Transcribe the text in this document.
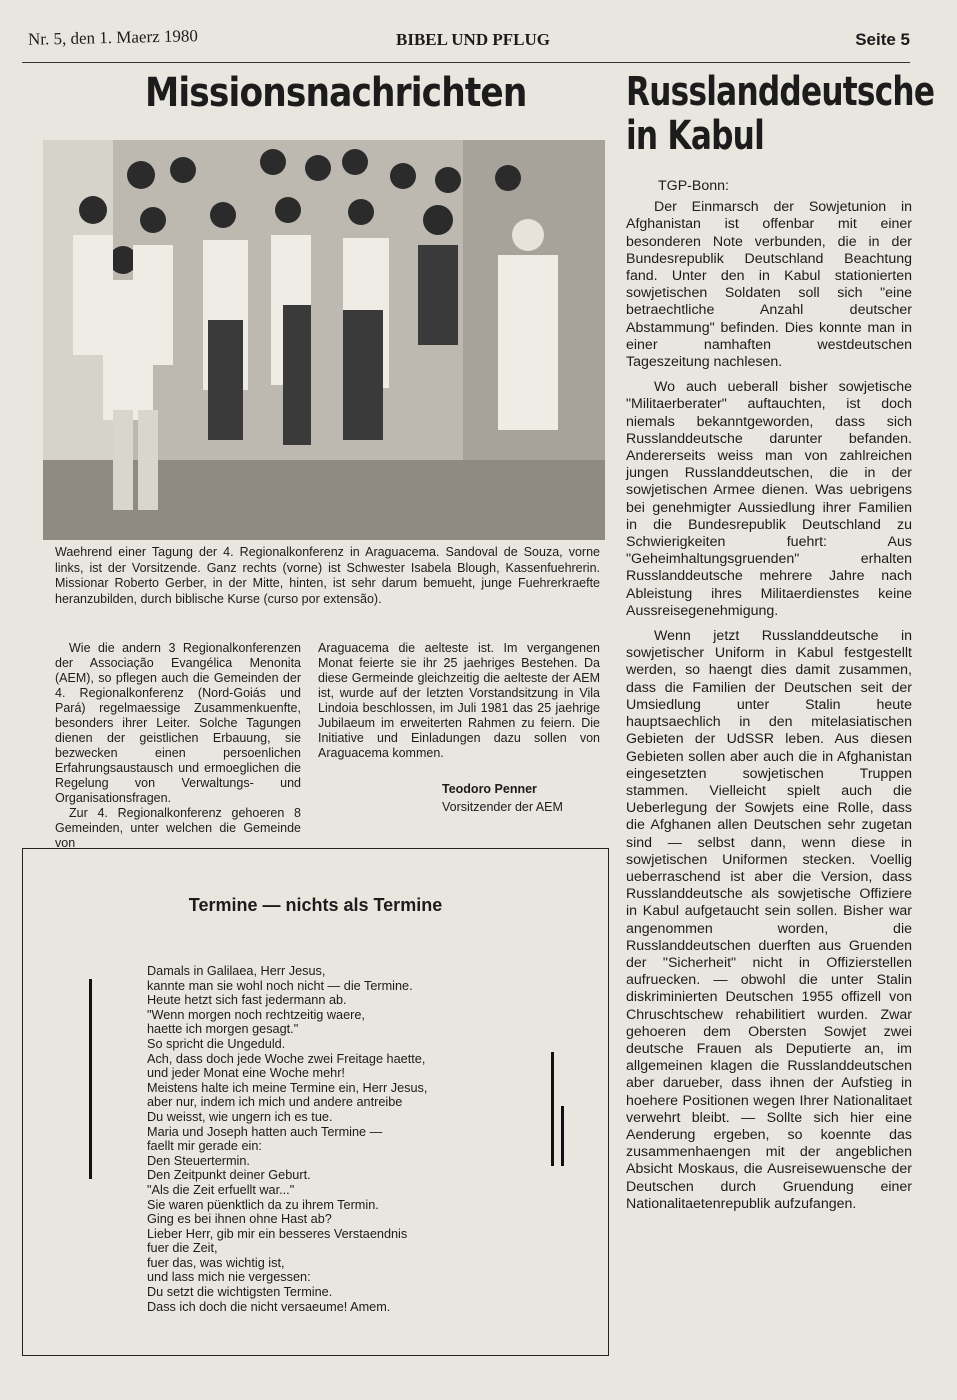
Nr. 5, den 1. Maerz 1980	BIBEL UND PFLUG	Seite 5
Missionsnachrichten
Waehrend einer Tagung der 4. Regionalkonferenz in Araguacema. Sandoval de Souza, vorne links, ist der Vorsitzende. Ganz rechts (vorne) ist Schwester Isabela Blough, Kassenfuehrerin. Missionar Roberto Gerber, in der Mitte, hinten, ist sehr darum bemueht, junge Fuehrerkraefte heranzubilden, durch biblische Kurse (curso por extensão).

Wie die andern 3 Regionalkonferenzen der Associação Evangélica Menonita (AEM), so pflegen auch die Gemeinden der 4. Regionalkonferenz (Nord-Goiás und Pará) regelmaessige Zusammenkuenfte, besonders ihrer Leiter. Solche Tagungen dienen der geistlichen Erbauung, sie bezwecken einen persoenlichen Erfahrungsaustausch und ermoeglichen die Regelung von Verwaltungs- und Organisationsfragen.

Zur 4. Regionalkonferenz gehoeren 8 Gemeinden, unter welchen die Gemeinde von

Araguacema die aelteste ist. Im vergangenen Monat feierte sie ihr 25 jaehriges Bestehen. Da diese Germeinde gleichzeitig die aelteste der AEM ist, wurde auf der letzten Vorstandsitzung in Vila Lindoia beschlossen, im Juli 1981 das 25 jaehrige Jubilaeum im erweiterten Rahmen zu feiern. Die Initiative und Einladungen dazu sollen von Araguacema kommen.

Teodoro Penner
Vorsitzender der AEM
Termine — nichts als Termine
Damals in Galilaea, Herr Jesus,
kannte man sie wohl noch nicht — die Termine.
Heute hetzt sich fast jedermann ab.
"Wenn morgen noch rechtzeitig waere,
haette ich morgen gesagt."
So spricht die Ungeduld.
Ach, dass doch jede Woche zwei Freitage haette,
und jeder Monat eine Woche mehr!
Meistens halte ich meine Termine ein, Herr Jesus,
aber nur, indem ich mich und andere antreibe
Du weisst, wie ungern ich es tue.
Maria und Joseph hatten auch Termine —
faellt mir gerade ein:
Den Steuertermin.
Den Zeitpunkt deiner Geburt.
"Als die Zeit erfuellt war..."
Sie waren püenktlich da zu ihrem Termin.
Ging es bei ihnen ohne Hast ab?
Lieber Herr, gib mir ein besseres Verstaendnis
fuer die Zeit,
fuer das, was wichtig ist,
und lass mich nie vergessen:
Du setzt die wichtigsten Termine.
Dass ich doch die nicht versaeume! Amem.
Russlanddeutsche
in Kabul
TGP-Bonn:

Der Einmarsch der Sowjetunion in Afghanistan ist offenbar mit einer besonderen Note verbunden, die in der Bundesrepublik Deutschland Beachtung fand. Unter den in Kabul stationierten sowjetischen Soldaten soll sich "eine betraechtliche Anzahl deutscher Abstammung" befinden. Dies konnte man in einer namhaften westdeutschen Tageszeitung nachlesen.

Wo auch ueberall bisher sowjetische "Militaerberater" auftauchten, ist doch niemals bekanntgeworden, dass sich Russlanddeutsche darunter befanden. Andererseits weiss man von zahlreichen jungen Russlanddeutschen, die in der sowjetischen Armee dienen. Was uebrigens bei genehmigter Aussiedlung ihrer Familien in die Bundesrepublik Deutschland zu Schwierigkeiten fuehrt: Aus "Geheimhaltungsgruenden" erhalten Russlanddeutsche mehrere Jahre nach Ableistung ihres Militaerdienstes keine Aussreisegenehmigung.

Wenn jetzt Russlanddeutsche in sowjetischer Uniform in Kabul festgestellt werden, so haengt dies damit zusammen, dass die Familien der Deutschen seit der Umsiedlung unter Stalin heute hauptsaechlich in den mitelasiatischen Gebieten der UdSSR leben. Aus diesen Gebieten sollen aber auch die in Afghanistan eingesetzten sowjetischen Truppen stammen. Vielleicht spielt auch die Ueberlegung der Sowjets eine Rolle, dass die Afghanen allen Deutschen sehr zugetan sind — selbst dann, wenn diese in sowjetischen Uniformen stecken. Voellig ueberraschend ist aber die Version, dass Russlanddeutsche als sowjetische Offiziere in Kabul aufgetaucht sein sollen. Bisher war angenommen worden, die Russlanddeutschen duerften aus Gruenden der "Sicherheit" nicht in Offizierstellen aufruecken. — obwohl die unter Stalin diskriminierten Deutschen 1955 offizell von Chruschtschew rehabilitiert wurden. Zwar gehoeren dem Obersten Sowjet zwei deutsche Frauen als Deputierte an, im allgemeinen klagen die Russlanddeutschen aber darueber, dass ihnen der Aufstieg in hoehere Positionen wegen Ihrer Nationalitaet verwehrt bleibt. — Sollte sich hier eine Aenderung ergeben, so koennte das zusammenhaengen mit der angeblichen Absicht Moskaus, die Ausreisewuensche der Deutschen durch Gruendung einer Nationalitaetenrepublik aufzufangen.
